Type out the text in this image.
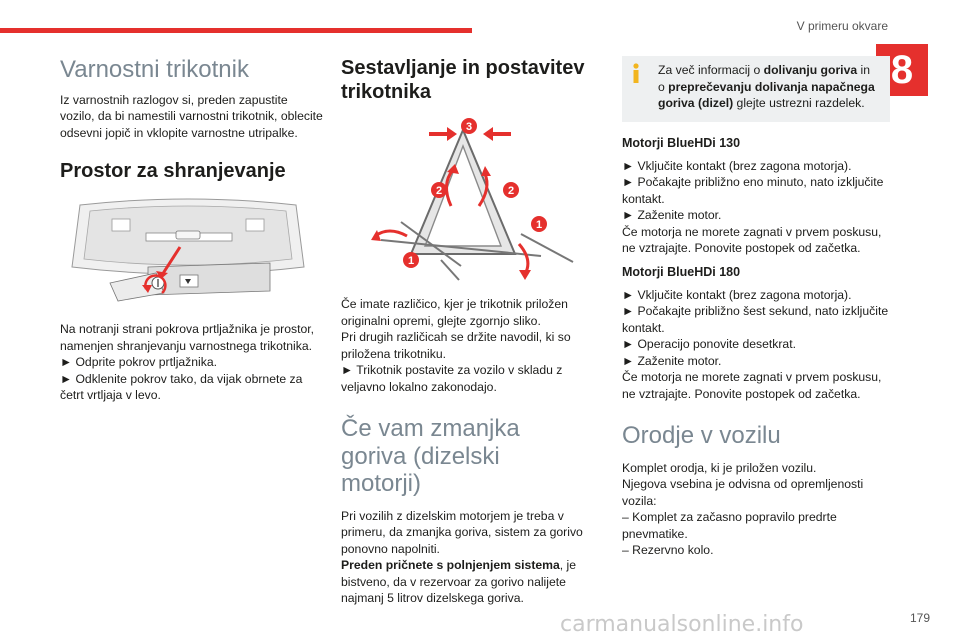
V primeru okvare
8
Varnostni trikotnik
Iz varnostnih razlogov si, preden zapustite vozilo, da bi namestili varnostni trikotnik, oblecite odsevni jopič in vklopite varnostne utripalke.
Prostor za shranjevanje
Na notranji strani pokrova prtljažnika je prostor, namenjen shranjevanju varnostnega trikotnika.
► Odprite pokrov prtljažnika.
► Odklenite pokrov tako, da vijak obrnete za četrt vrtljaja v levo.
Sestavljanje in postavitev trikotnika
3
2	2
1
1
Če imate različico, kjer je trikotnik priložen originalni opremi, glejte zgornjo sliko.
Pri drugih različicah se držite navodil, ki so priložena trikotniku.
► Trikotnik postavite za vozilo v skladu z veljavno lokalno zakonodajo.
Če vam zmanjka goriva (dizelski motorji)
Pri vozilih z dizelskim motorjem je treba v primeru, da zmanjka goriva, sistem za gorivo ponovno napolniti.
Preden pričnete s polnjenjem sistema, je bistveno, da v rezervoar za gorivo nalijete najmanj 5 litrov dizelskega goriva.
Za več informacij o dolivanju goriva in o preprečevanju dolivanja napačnega goriva (dizel) glejte ustrezni razdelek.
Motorji BlueHDi 130
► Vključite kontakt (brez zagona motorja).
► Počakajte približno eno minuto, nato izključite kontakt.
► Zaženite motor.
Če motorja ne morete zagnati v prvem poskusu, ne vztrajajte. Ponovite postopek od začetka.
Motorji BlueHDi 180
► Vključite kontakt (brez zagona motorja).
► Počakajte približno šest sekund, nato izključite kontakt.
► Operacijo ponovite desetkrat.
► Zaženite motor.
Če motorja ne morete zagnati v prvem poskusu, ne vztrajajte. Ponovite postopek od začetka.
Orodje v vozilu
Komplet orodja, ki je priložen vozilu.
Njegova vsebina je odvisna od opremljenosti vozila:
– Komplet za začasno popravilo predrte pnevmatike.
– Rezervno kolo.
carmanualsonline.info	179
